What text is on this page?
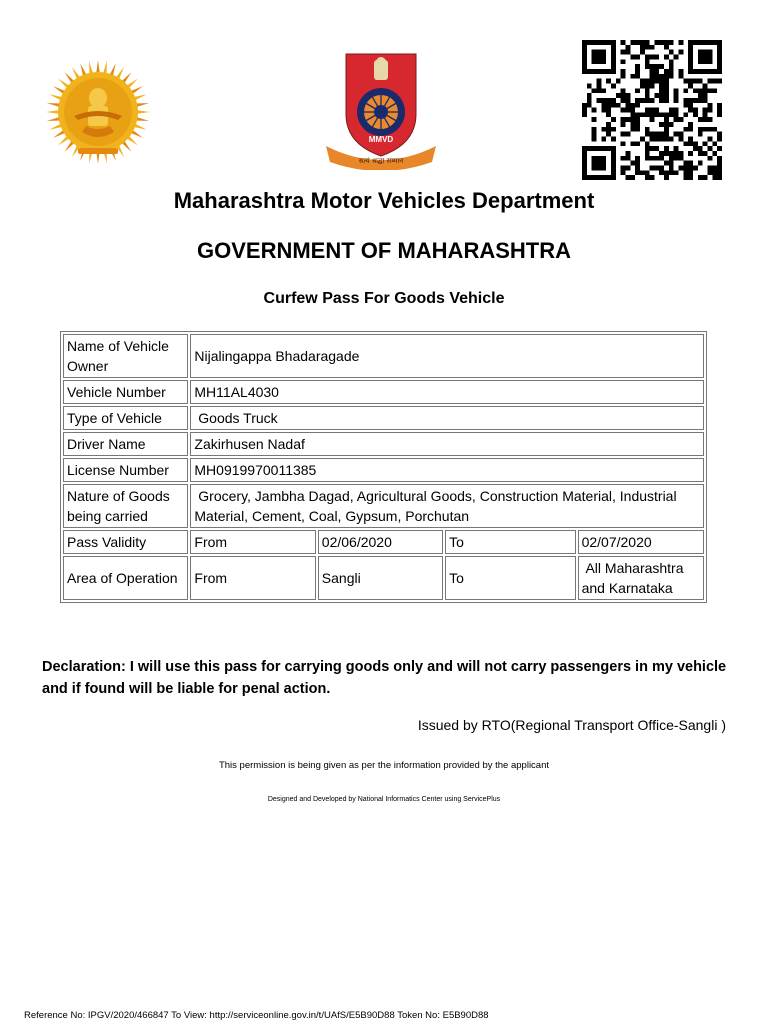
MMVD
सत्यं श्रद्धा सम्मान
Maharashtra Motor Vehicles Department
GOVERNMENT OF MAHARASHTRA
Curfew Pass For Goods Vehicle
Name of Vehicle Owner	Nijalingappa Bhadaragade			
Vehicle Number	MH11AL4030			
Type of Vehicle	Goods Truck			
Driver Name	Zakirhusen Nadaf			
License Number	MH0919970011385			
Nature of Goods being carried	Grocery, Jambha Dagad, Agricultural Goods, Construction Material, Industrial Material, Cement, Coal, Gypsum, Porchutan			
Pass Validity	From	02/06/2020	To	02/07/2020
Area of Operation	From	Sangli	To	All Maharashtra and Karnataka
Declaration: I will use this pass for carrying goods only and will not carry passengers in my vehicle and if found will be liable for penal action.
Issued by RTO(Regional Transport Office-Sangli )
This permission is being given as per the information provided by the applicant
Designed and Developed by National Informatics Center using ServicePlus
Reference No: IPGV/2020/466847 To View: http://serviceonline.gov.in/t/UAfS/E5B90D88 Token No: E5B90D88
